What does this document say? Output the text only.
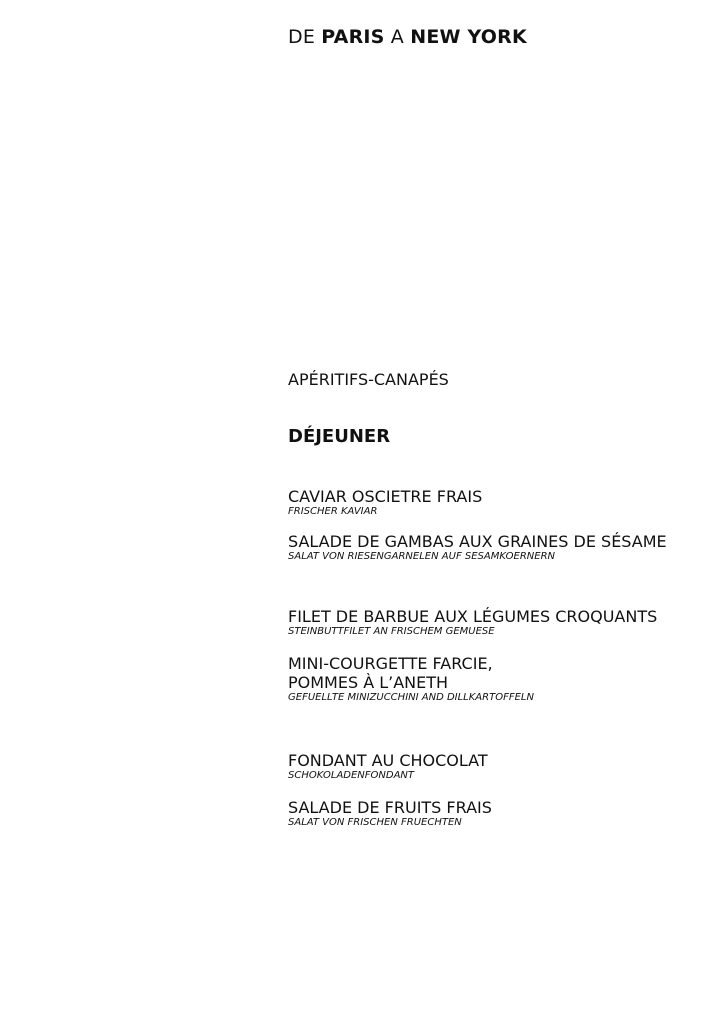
DE PARIS A NEW YORK
APÉRITIFS-CANAPÉS
DÉJEUNER
CAVIAR OSCIETRE FRAIS
FRISCHER KAVIAR
SALADE DE GAMBAS AUX GRAINES DE SÉSAME
SALAT VON RIESENGARNELEN AUF SESAMKOERNERN
FILET DE BARBUE AUX LÉGUMES CROQUANTS
STEINBUTTFILET AN FRISCHEM GEMUESE
MINI-COURGETTE FARCIE,
POMMES À L’ANETH
GEFUELLTE MINIZUCCHINI AND DILLKARTOFFELN
FONDANT AU CHOCOLAT
SCHOKOLADENFONDANT
SALADE DE FRUITS FRAIS
SALAT VON FRISCHEN FRUECHTEN
